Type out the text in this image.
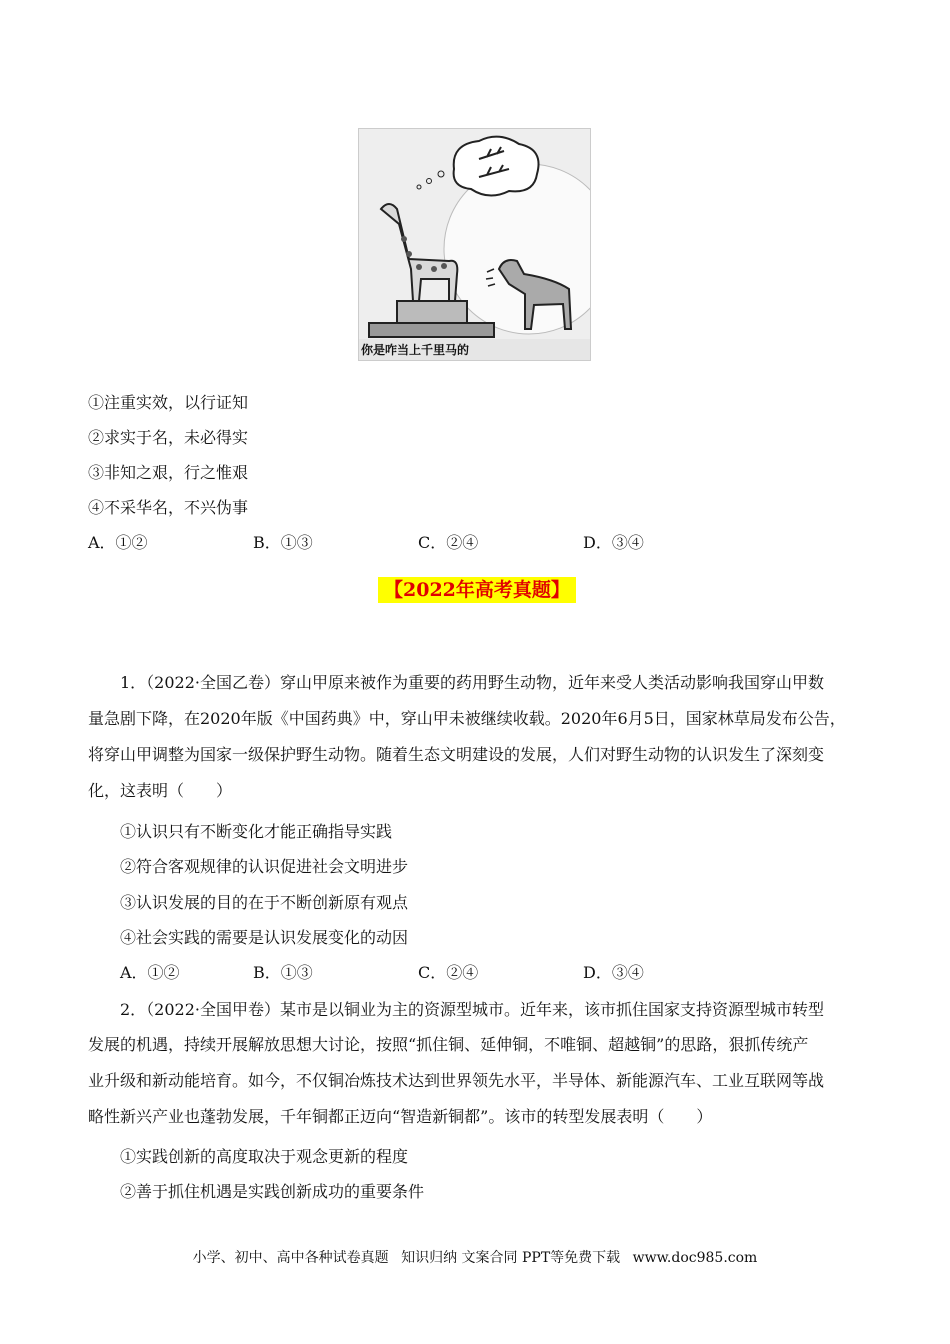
你是咋当上千里马的
①注重实效，以行证知
②求实于名，未必得实
③非知之艰，行之惟艰
④不采华名，不兴伪事
A．①②	B．①③	C．②④	D．③④
【2022年高考真题】
1．（2022·全国乙卷）穿山甲原来被作为重要的药用野生动物，近年来受人类活动影响我国穿山甲数
量急剧下降，在2020年版《中国药典》中，穿山甲未被继续收载。2020年6月5日，国家林草局发布公告，
将穿山甲调整为国家一级保护野生动物。随着生态文明建设的发展，人们对野生动物的认识发生了深刻变
化，这表明（　　）
①认识只有不断变化才能正确指导实践
②符合客观规律的认识促进社会文明进步
③认识发展的目的在于不断创新原有观点
④社会实践的需要是认识发展变化的动因
A．①②	B．①③	C．②④	D．③④
2．（2022·全国甲卷）某市是以铜业为主的资源型城市。近年来，该市抓住国家支持资源型城市转型
发展的机遇，持续开展解放思想大讨论，按照“抓住铜、延伸铜，不唯铜、超越铜”的思路，狠抓传统产
业升级和新动能培育。如今，不仅铜冶炼技术达到世界领先水平，半导体、新能源汽车、工业互联网等战
略性新兴产业也蓬勃发展，千年铜都正迈向“智造新铜都”。该市的转型发展表明（　　）
①实践创新的高度取决于观念更新的程度
②善于抓住机遇是实践创新成功的重要条件
小学、初中、高中各种试卷真题 知识归纳 文案合同 PPT等免费下载 www.doc985.com
